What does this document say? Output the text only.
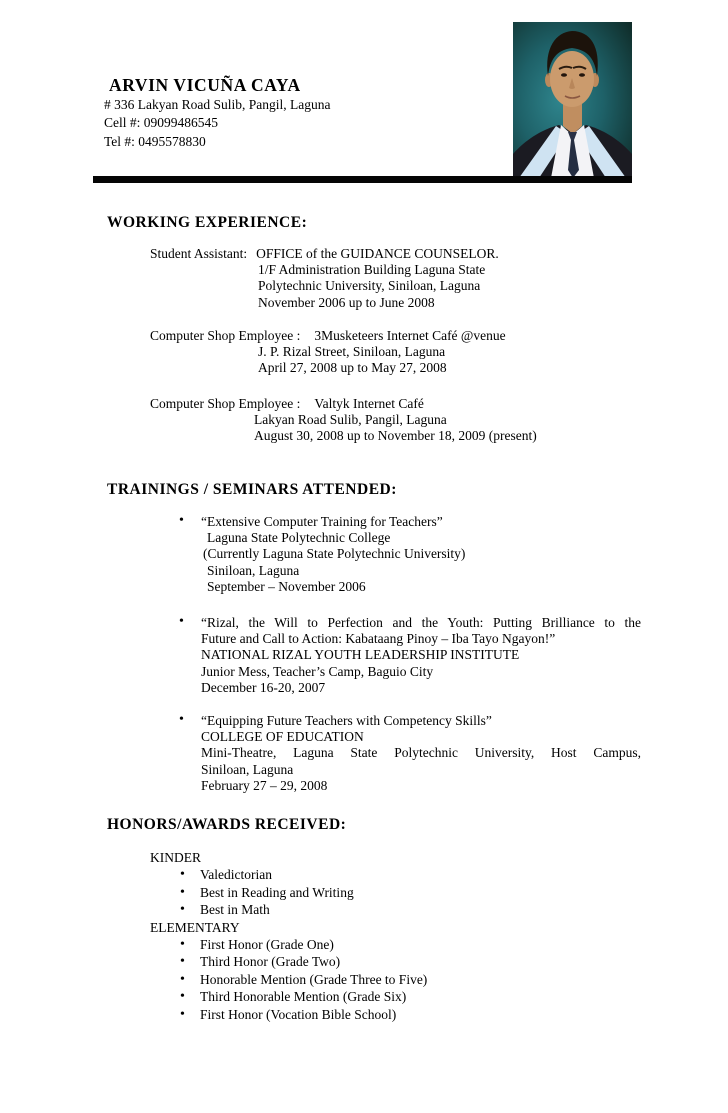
ARVIN VICUÑA CAYA
# 336 Lakyan Road Sulib, Pangil, Laguna
Cell #: 09099486545
Tel #: 0495578830
WORKING EXPERIENCE:
Student Assistant: OFFICE of the GUIDANCE COUNSELOR.
1/F Administration Building Laguna State
Polytechnic University, Siniloan, Laguna
November 2006 up to June 2008
Computer Shop Employee : 3Musketeers Internet Café @venue
J. P. Rizal Street, Siniloan, Laguna
April 27, 2008 up to May 27, 2008
Computer Shop Employee : Valtyk Internet Café
Lakyan Road Sulib, Pangil, Laguna
August 30, 2008 up to November 18, 2009 (present)
TRAININGS / SEMINARS ATTENDED:
•
“Extensive Computer Training for Teachers”
Laguna State Polytechnic College
(Currently Laguna State Polytechnic University)
Siniloan, Laguna
September – November 2006
•
“Rizal, the Will to Perfection and the Youth: Putting Brilliance to the
Future and Call to Action: Kabataang Pinoy – Iba Tayo Ngayon!”
NATIONAL RIZAL YOUTH LEADERSHIP INSTITUTE
Junior Mess, Teacher’s Camp, Baguio City
December 16-20, 2007
•
“Equipping Future Teachers with Competency Skills”
COLLEGE OF EDUCATION
Mini-Theatre, Laguna State Polytechnic University, Host Campus,
Siniloan, Laguna
February 27 – 29, 2008
HONORS/AWARDS RECEIVED:
KINDER
•
Valedictorian
•
Best in Reading and Writing
•
Best in Math
ELEMENTARY
•
First Honor (Grade One)
•
Third Honor (Grade Two)
•
Honorable Mention (Grade Three to Five)
•
Third Honorable Mention (Grade Six)
•
First Honor (Vocation Bible School)
